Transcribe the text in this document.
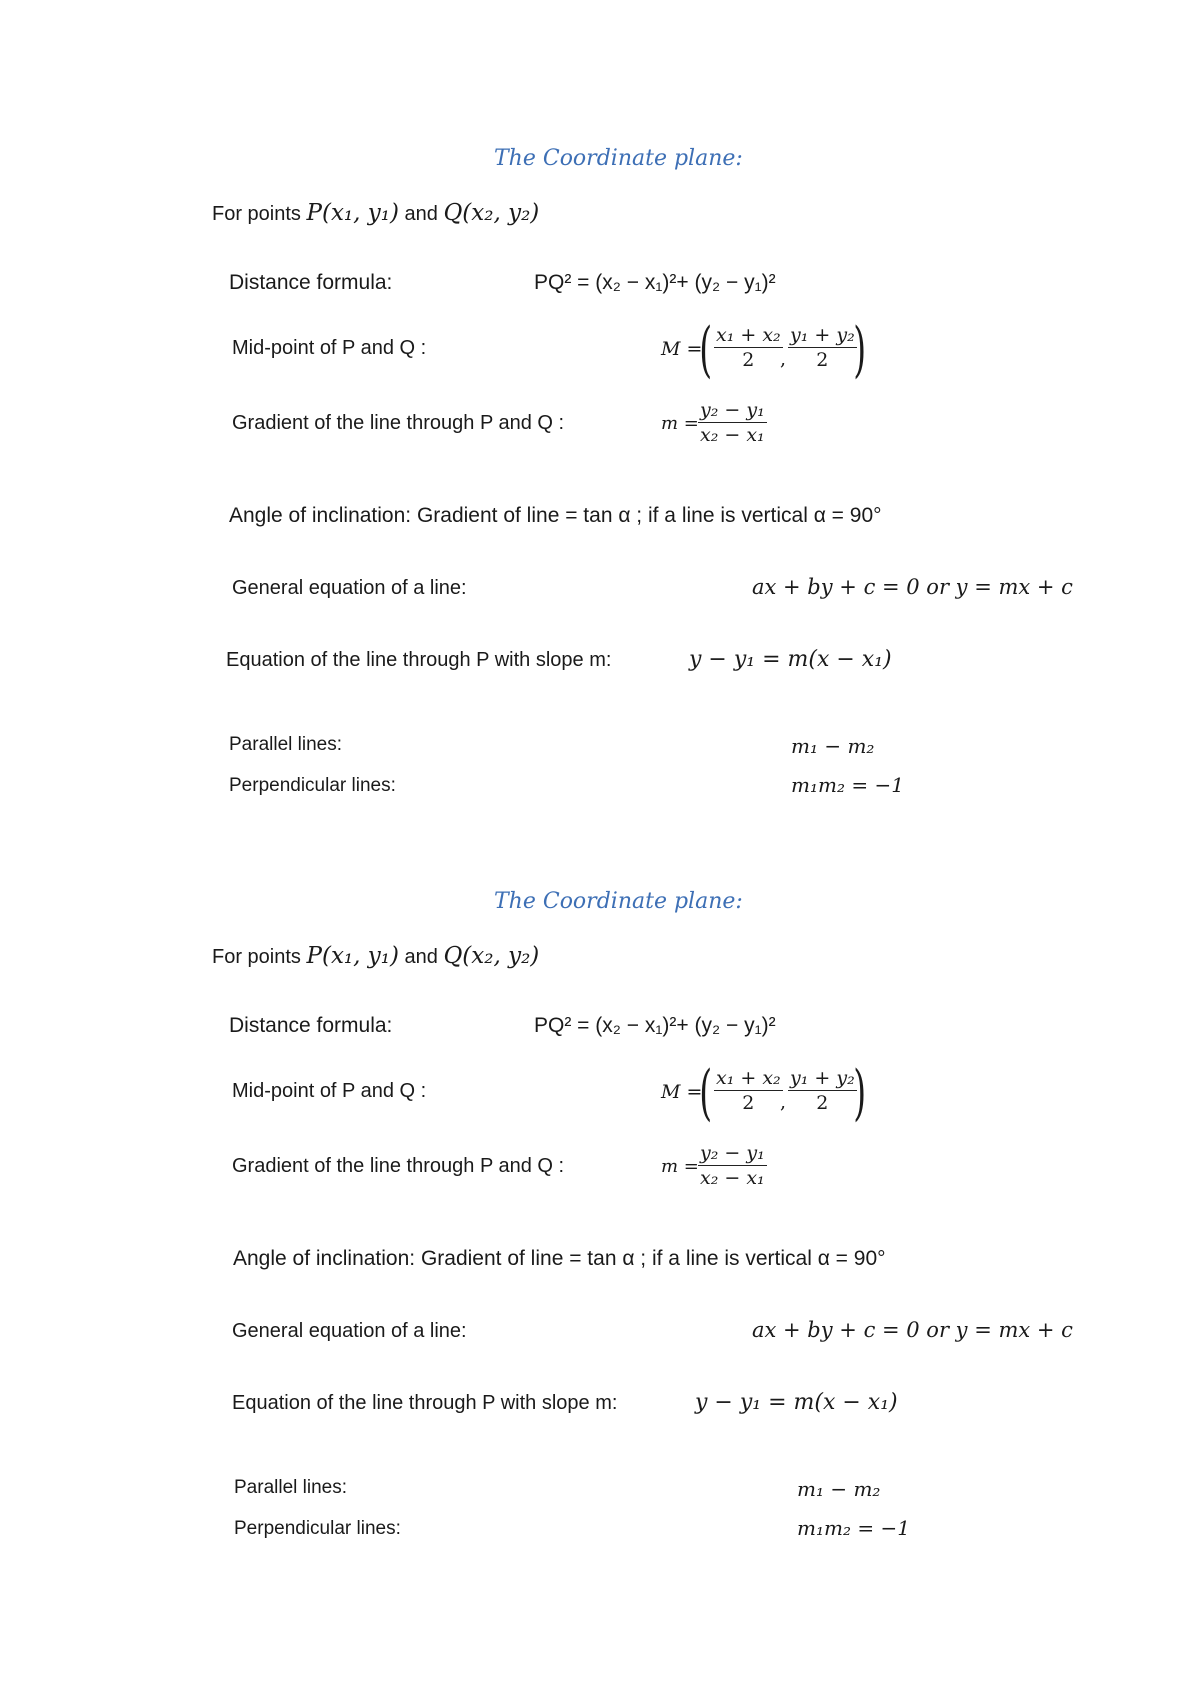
The Coordinate plane:
For points P(x₁, y₁) and Q(x₂, y₂)
Distance formula:	PQ² = (x₂ − x₁)²+ (y₂ − y₁)²
Mid-point of P and Q :	M =
( $\frac{\text{x₁ + x₂}}{2}$
, $\frac{\text{y₁ + y₂}}{2}$
)
Gradient of the line through P and Q :	$m = \frac{\text{y₂ − y₁}}{\text{x₂ − x₁}}$
Angle of inclination: Gradient of line = tan α ; if a line is vertical α = 90°
General equation of a line:	ax + by + c = 0 or y = mx + c
Equation of the line through P with slope m:	y − y₁ = m(x − x₁)
Parallel lines:	m₁ − m₂
Perpendicular lines:	m₁m₂ = −1
The Coordinate plane:
For points P(x₁, y₁) and Q(x₂, y₂)
Distance formula:	PQ² = (x₂ − x₁)²+ (y₂ − y₁)²
Mid-point of P and Q :	M =
( $\frac{\text{x₁ + x₂}}{2}$
, $\frac{\text{y₁ + y₂}}{2}$
)
Gradient of the line through P and Q :	$m = \frac{\text{y₂ − y₁}}{\text{x₂ − x₁}}$
Angle of inclination: Gradient of line = tan α ; if a line is vertical α = 90°
General equation of a line:	ax + by + c = 0 or y = mx + c
Equation of the line through P with slope m:	y − y₁ = m(x − x₁)
Parallel lines:	m₁ − m₂
Perpendicular lines:	m₁m₂ = −1
